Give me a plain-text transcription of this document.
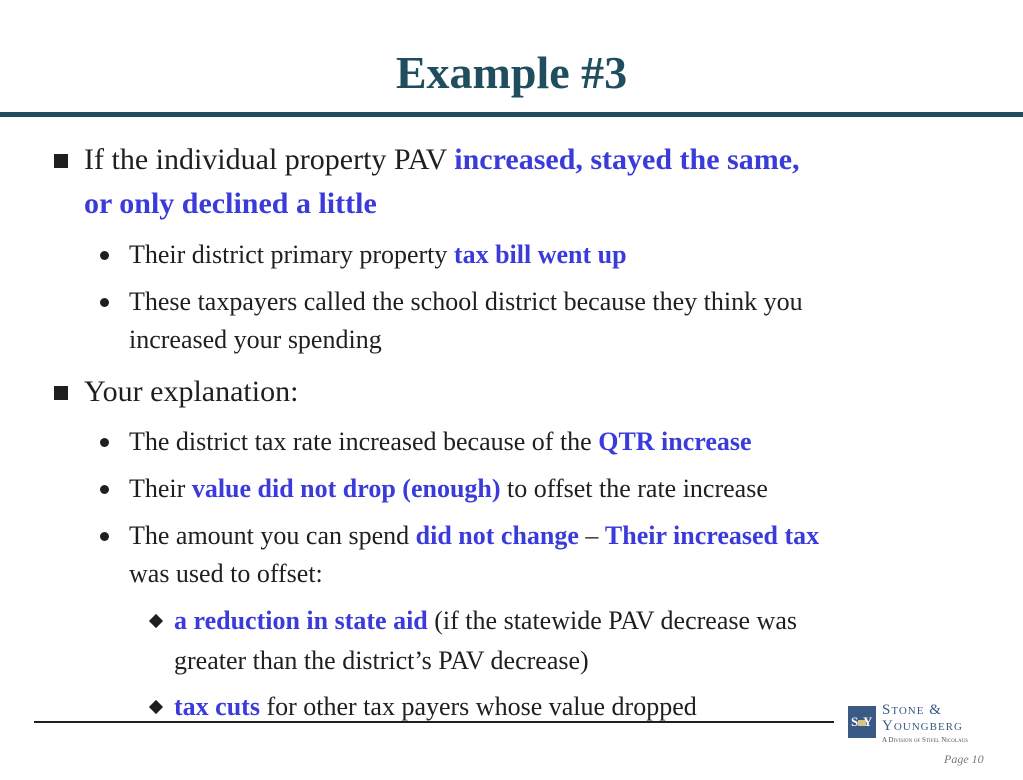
Example #3

If the individual property PAV increased, stayed the same,
or only declined a little

Their district primary property tax bill went up

These taxpayers called the school district because they think you
increased your spending

Your explanation:

The district tax rate increased because of the QTR increase

Their value did not drop (enough) to offset the rate increase

The amount you can spend did not change – Their increased tax
was used to offset:

a reduction in state aid (if the statewide PAV decrease was
greater than the district’s PAV decrease)

tax cuts for other tax payers whose value dropped

S Y
Stone &
Youngberg
A Division of Stifel Nicolaus
Page 10
